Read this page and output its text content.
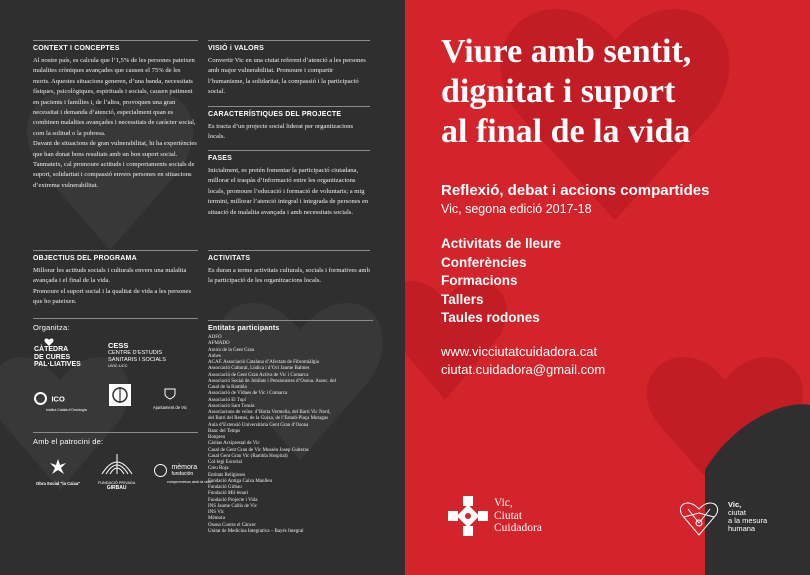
CONTEXT I CONCEPTES
Al nostre país, es calcula que l’1,5% de les persones pateixen malalties cròniques avançades que causen el 75% de les morts. Aquestes situacions generen, d’una banda, necessitats físiques, psicològiques, espirituals i socials, causen patiment en pacients i famílies i, de l’altra, provoquen una gran necessitat i demanda d’atenció, especialment quan es combinen malalties avançades i necessitats de caràcter social, com la solitud o la pobresa.
Davant de situacions de gran vulnerabilitat, hi ha experiències que han donat bons resultats amb un bon suport social. Tanmateix, cal promoure actituds i comportaments socials de suport, solidaritat i compassió envers persones en situacions d’extrema vulnerabilitat.
OBJECTIUS DEL PROGRAMA
Millorar les actituds socials i culturals envers una malaltia avançada i el final de la vida.
Promoure el suport social i la qualitat de vida a les persones que ho pateixen.
Organitza:
CÀTEDRA
DE CURES
PAL·LIATIVES
CESS
CENTRE D’ESTUDIS
SANITARIS I SOCIALS
UVIC·UCC
ICO
Institut Català d’Oncologia	Ajuntament de Vic
Amb el patrocini de:
Obra Social "la Caixa"	FUNDACIÓ PRIVADA
GIRBAU

mèmora
fundación
compromesos amb la vida
VISIÓ i VALORS
Convertir Vic en una ciutat referent d’atenció a les persones amb major vulnerabilitat. Promoure i compartir l’humanisme, la solidaritat, la compassió i la participació social.
CARACTERÍSTIQUES DEL PROJECTE
Es tracta d’un projecte social liderat per organitzacions locals.
FASES
Inicialment, es pretén fomentar la participació ciutadana, millorar el traspàs d’informació entre les organitzacions locals, promoure l’educació i formació de voluntaris; a mig termini, millorar l’atenció integral i integrada de persones en situació de malaltia avançada i amb necessitats socials.
ACTIVITATS
Es duran a terme activitats culturals, socials i formatives amb la participació de les organitzacions locals.
Entitats participants
ADFO
AFMADO
Amics de la Gent Gran
Anhes
ACAF. Associació Catalana d’Afectats de Fibromiàlgia
Associació Cultural, Lúdica i d’Oci Jaume Balmes
Associació de Gent Gran Activa de Vic i Comarca
Associació Social de Jubilats i Pensionistes d’Osona. Assoc. del
Casal de la Rambla
Associació de Vídues de Vic i Comarca
Associació El Tupí
Associació Sant Tomàs
Associacions de veïns: d’Horta Vermella, del Barri Vic Nord,
del Barri del Remei, de la Guixa, de l’Estadi-Plaça Moragas
Aula d’Extensió Universitària Gent Gran d’Osona
Banc del Temps
Bonpreu
Càritas Arxiprestal de Vic
Casal de Gent Gran de Vic Mossèn Josep Guiteras
Casal Gent Gran Vic (Rambla Hospital)
Col·legi Escorial
Creu Roja
Entitats Religioses
Fundació Antiga Caixa Manlleu
Fundació Girbau
Fundació Mil·lenari
Fundació Projecte i Vida
INS Jaume Callís de Vic
INS Vic
Mèmora
Osona Contra el Càncer
Unitat de Medicina Integrativa – Bayés Integral
Viure amb sentit,
dignitat i suport
al final de la vida
Reflexió, debat i accions compartides
Vic, segona edició 2017-18
Activitats de lleure
Conferències
Formacions
Tallers
Taules rodones
www.vicciutatcuidadora.cat
ciutat.cuidadora@gmail.com
Vic,
Ciutat
Cuidadora
Vic,
ciutat
a la mesura
humana
